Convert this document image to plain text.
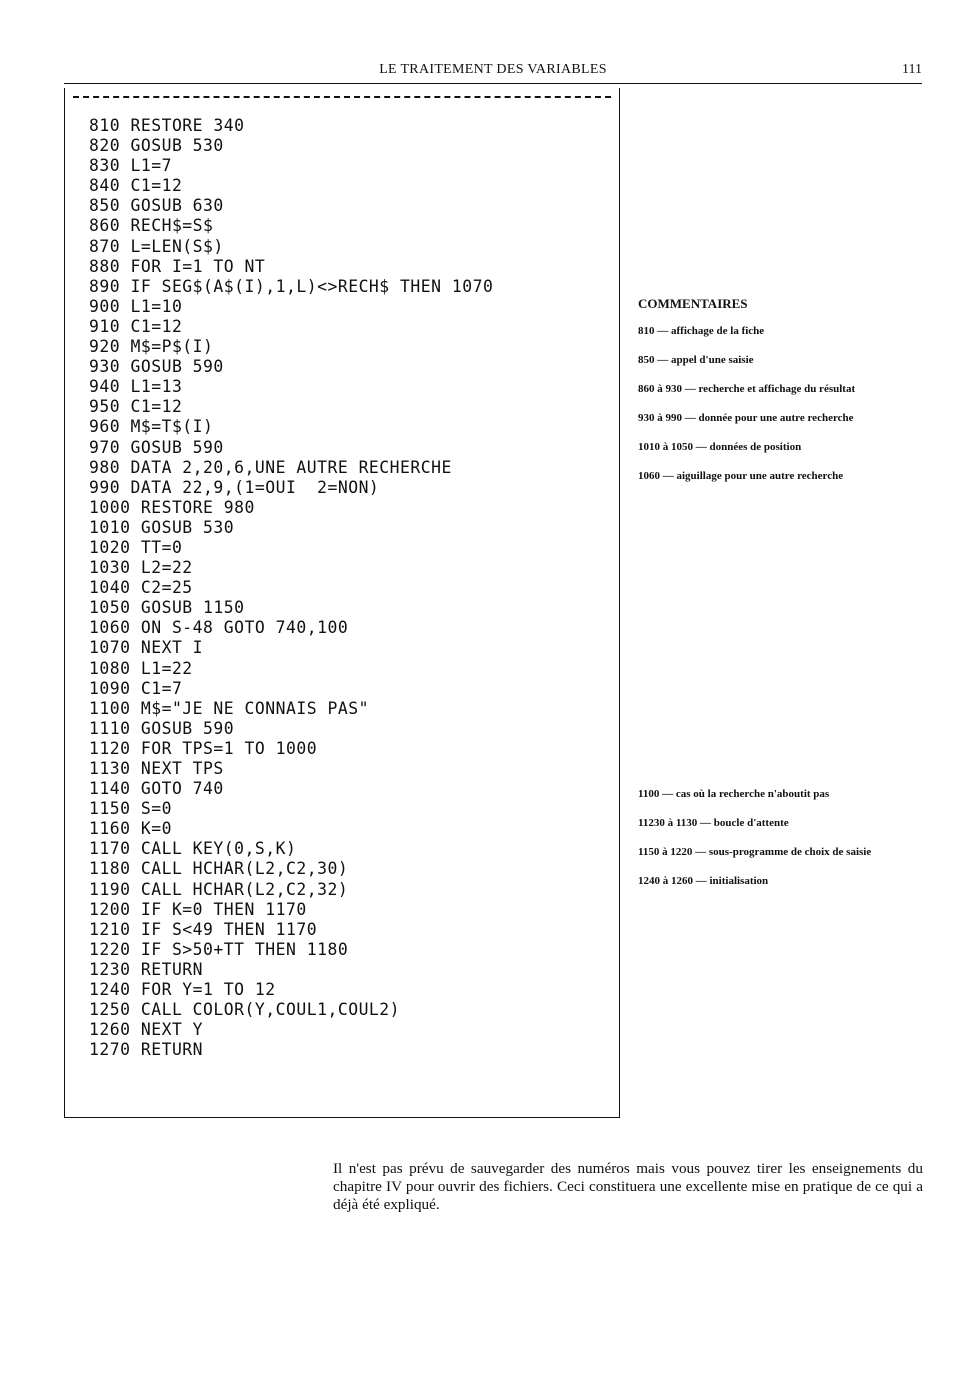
LE TRAITEMENT DES VARIABLES	111
810 RESTORE 340
820 GOSUB 530
830 L1=7
840 C1=12
850 GOSUB 630
860 RECH$=S$
870 L=LEN(S$)
880 FOR I=1 TO NT
890 IF SEG$(A$(I),1,L)<>RECH$ THEN 1070
900 L1=10
910 C1=12
920 M$=P$(I)
930 GOSUB 590
940 L1=13
950 C1=12
960 M$=T$(I)
970 GOSUB 590
980 DATA 2,20,6,UNE AUTRE RECHERCHE
990 DATA 22,9,(1=OUI  2=NON)
1000 RESTORE 980
1010 GOSUB 530
1020 TT=0
1030 L2=22
1040 C2=25
1050 GOSUB 1150
1060 ON S-48 GOTO 740,100
1070 NEXT I
1080 L1=22
1090 C1=7
1100 M$="JE NE CONNAIS PAS"
1110 GOSUB 590
1120 FOR TPS=1 TO 1000
1130 NEXT TPS
1140 GOTO 740
1150 S=0
1160 K=0
1170 CALL KEY(0,S,K)
1180 CALL HCHAR(L2,C2,30)
1190 CALL HCHAR(L2,C2,32)
1200 IF K=0 THEN 1170
1210 IF S<49 THEN 1170
1220 IF S>50+TT THEN 1180
1230 RETURN
1240 FOR Y=1 TO 12
1250 CALL COLOR(Y,COUL1,COUL2)
1260 NEXT Y
1270 RETURN
COMMENTAIRES
810 — affichage de la fiche
850 — appel d'une saisie
860 à 930 — recherche et affichage du résultat
930 à 990 — donnée pour une autre recherche
1010 à 1050 — données de position
1060 — aiguillage pour une autre recherche
1100 — cas où la recherche n'aboutit pas
11230 à 1130 — boucle d'attente
1150 à 1220 — sous-programme de choix de saisie
1240 à 1260 — initialisation
Il n'est pas prévu de sauvegarder des numéros mais vous pouvez tirer les enseignements du chapitre IV pour ouvrir des fichiers. Ceci constituera une excellente mise en pratique de ce qui a déjà été expliqué.
